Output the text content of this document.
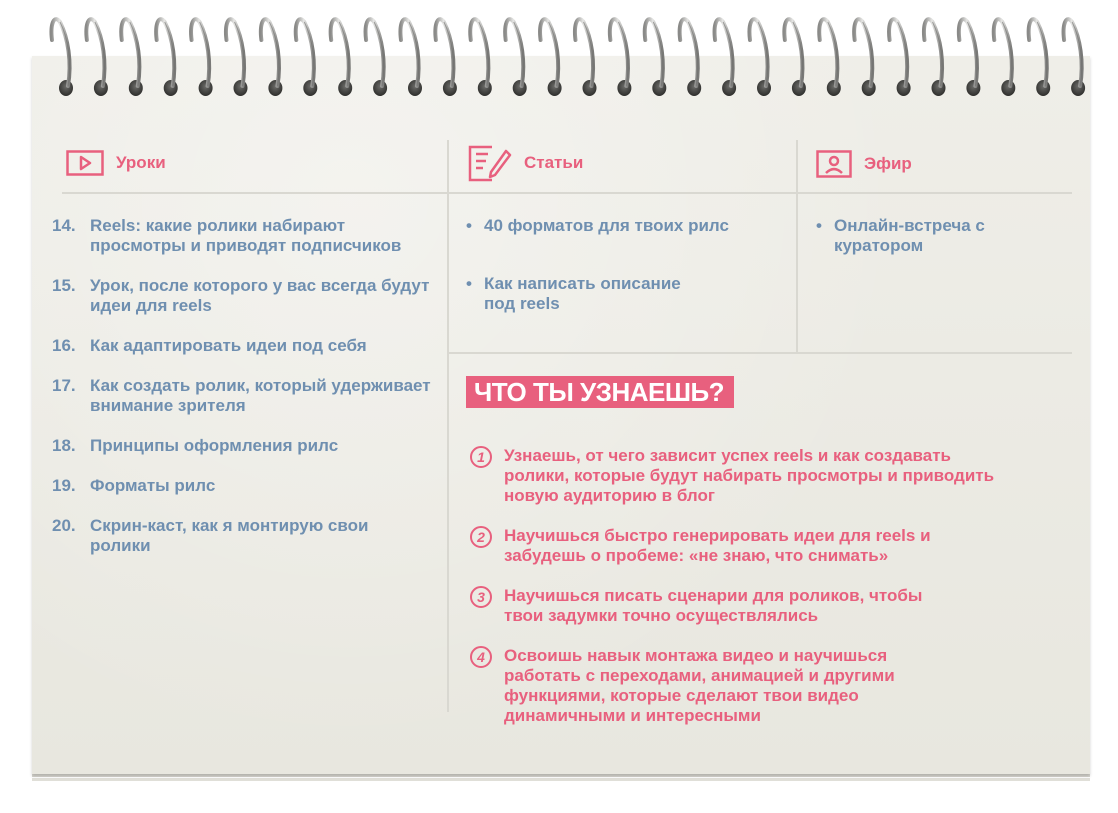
Уроки	Статьи	Эфир
14. Reels: какие ролики набирают просмотры и приводят подписчиков
15. Урок, после которого у вас всегда будут идеи для reels
16. Как адаптировать идеи под себя
17. Как создать ролик, который удерживает внимание зрителя
18. Принципы оформления рилс
19. Форматы рилс
20. Скрин-каст, как я монтирую свои ролики
• 40 форматов для твоих рилс
• Как написать описание под reels
• Онлайн-встреча с куратором
ЧТО ТЫ УЗНАЕШЬ?
1	Узнаешь, от чего зависит успех reels и как создавать ролики, которые будут набирать просмотры и приводить новую аудиторию в блог
2	Научишься быстро генерировать идеи для reels и забудешь о пробеме: «не знаю, что снимать»
3	Научишься писать сценарии для роликов, чтобы твои задумки точно осуществлялись
4	Освоишь навык монтажа видео и научишься работать с переходами, анимацией и другими функциями, которые сделают твои видео динамичными и интересными
